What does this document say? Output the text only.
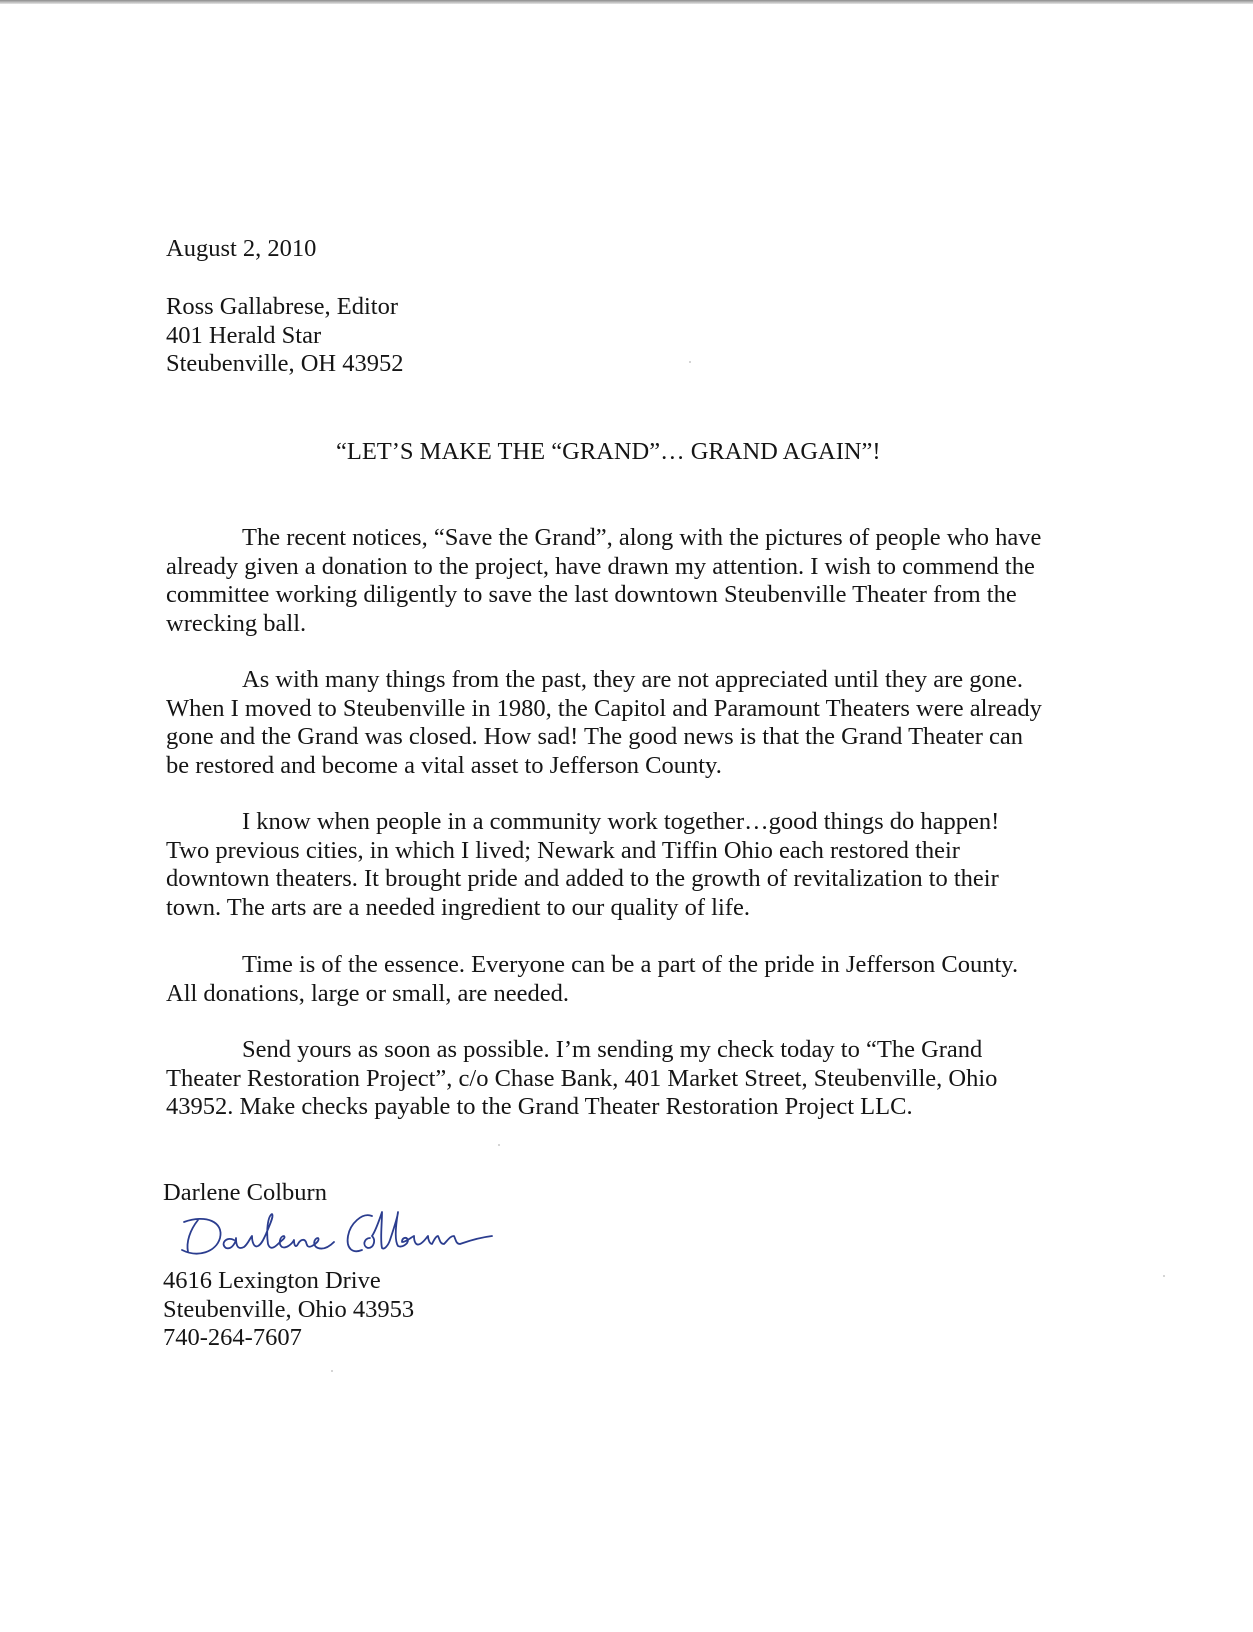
August 2, 2010

Ross Gallabrese, Editor
401 Herald Star
Steubenville, OH 43952

“LET’S MAKE THE “GRAND”… GRAND AGAIN”!

The recent notices, “Save the Grand”, along with the pictures of people who have
already given a donation to the project, have drawn my attention. I wish to commend the
committee working diligently to save the last downtown Steubenville Theater from the
wrecking ball.
As with many things from the past, they are not appreciated until they are gone.
When I moved to Steubenville in 1980, the Capitol and Paramount Theaters were already
gone and the Grand was closed. How sad! The good news is that the Grand Theater can
be restored and become a vital asset to Jefferson County.
I know when people in a community work together…good things do happen!
Two previous cities, in which I lived; Newark and Tiffin Ohio each restored their
downtown theaters. It brought pride and added to the growth of revitalization to their
town. The arts are a needed ingredient to our quality of life.
Time is of the essence. Everyone can be a part of the pride in Jefferson County.
All donations, large or small, are needed.
Send yours as soon as possible. I’m sending my check today to “The Grand
Theater Restoration Project”, c/o Chase Bank, 401 Market Street, Steubenville, Ohio
43952. Make checks payable to the Grand Theater Restoration Project LLC.

Darlene Colburn

4616 Lexington Drive
Steubenville, Ohio 43953
740-264-7607
